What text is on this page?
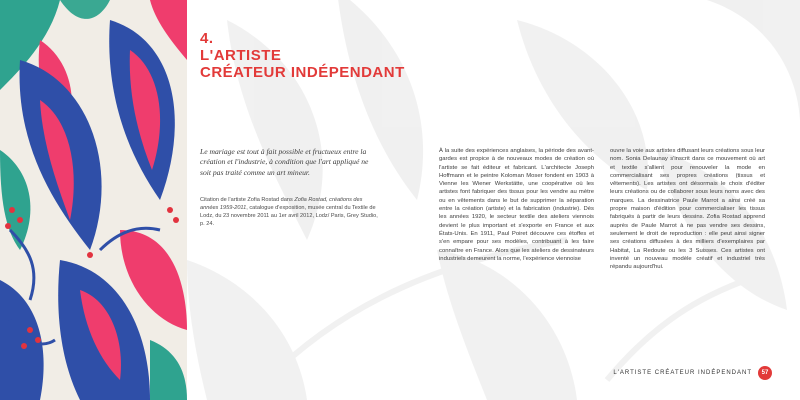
4.
L'ARTISTE
CRÉATEUR INDÉPENDANT
Le mariage est tout à fait possible et fructueux entre la création et l'industrie, à condition que l'art appliqué ne soit pas traité comme un art mineur.
Citation de l'artiste Zofia Rostad dans Zofia Rostad, créations des années 1959-2011, catalogue d'exposition, musée central du Textile de Lodz, du 23 novembre 2011 au 1er avril 2012, Lodz/ Paris, Grey Studio, p. 24.
À la suite des expériences anglaises, la période des avant-gardes est propice à de nouveaux modes de création où l'artiste se fait éditeur et fabricant. L'architecte Joseph Hoffmann et le peintre Koloman Moser fondent en 1903 à Vienne les Wiener Werkstätte, une coopérative où les artistes font fabriquer des tissus pour les vendre au mètre ou en vêtements dans le but de supprimer la séparation entre la création (artiste) et la fabrication (industrie). Dès les années 1920, le secteur textile des ateliers viennois devient le plus important et s'exporte en France et aux États-Unis. En 1911, Paul Poiret découvre ces étoffes et s'en empare pour ses modèles, contribuant à les faire connaître en France. Alors que les ateliers de dessinateurs industriels demeurent la norme, l'expérience viennoise
ouvre la voie aux artistes diffusant leurs créations sous leur nom. Sonia Delaunay s'inscrit dans ce mouvement où art et textile s'allient pour renouveler la mode en commercialisant ses propres créations (tissus et vêtements). Les artistes ont désormais le choix d'éditer leurs créations ou de collaborer sous leurs noms avec des marques. La dessinatrice Paule Marrot a ainsi créé sa propre maison d'édition pour commercialiser les tissus fabriqués à partir de leurs dessins. Zofia Rostad apprend auprès de Paule Marrot à ne pas vendre ses dessins, seulement le droit de reproduction : elle peut ainsi signer ses créations diffusées à des milliers d'exemplaires par Habitat, La Redoute ou les 3 Suisses. Ces artistes ont inventé un nouveau modèle créatif et industriel très répandu aujourd'hui.
L'ARTISTE CRÉATEUR INDÉPENDANT	57
